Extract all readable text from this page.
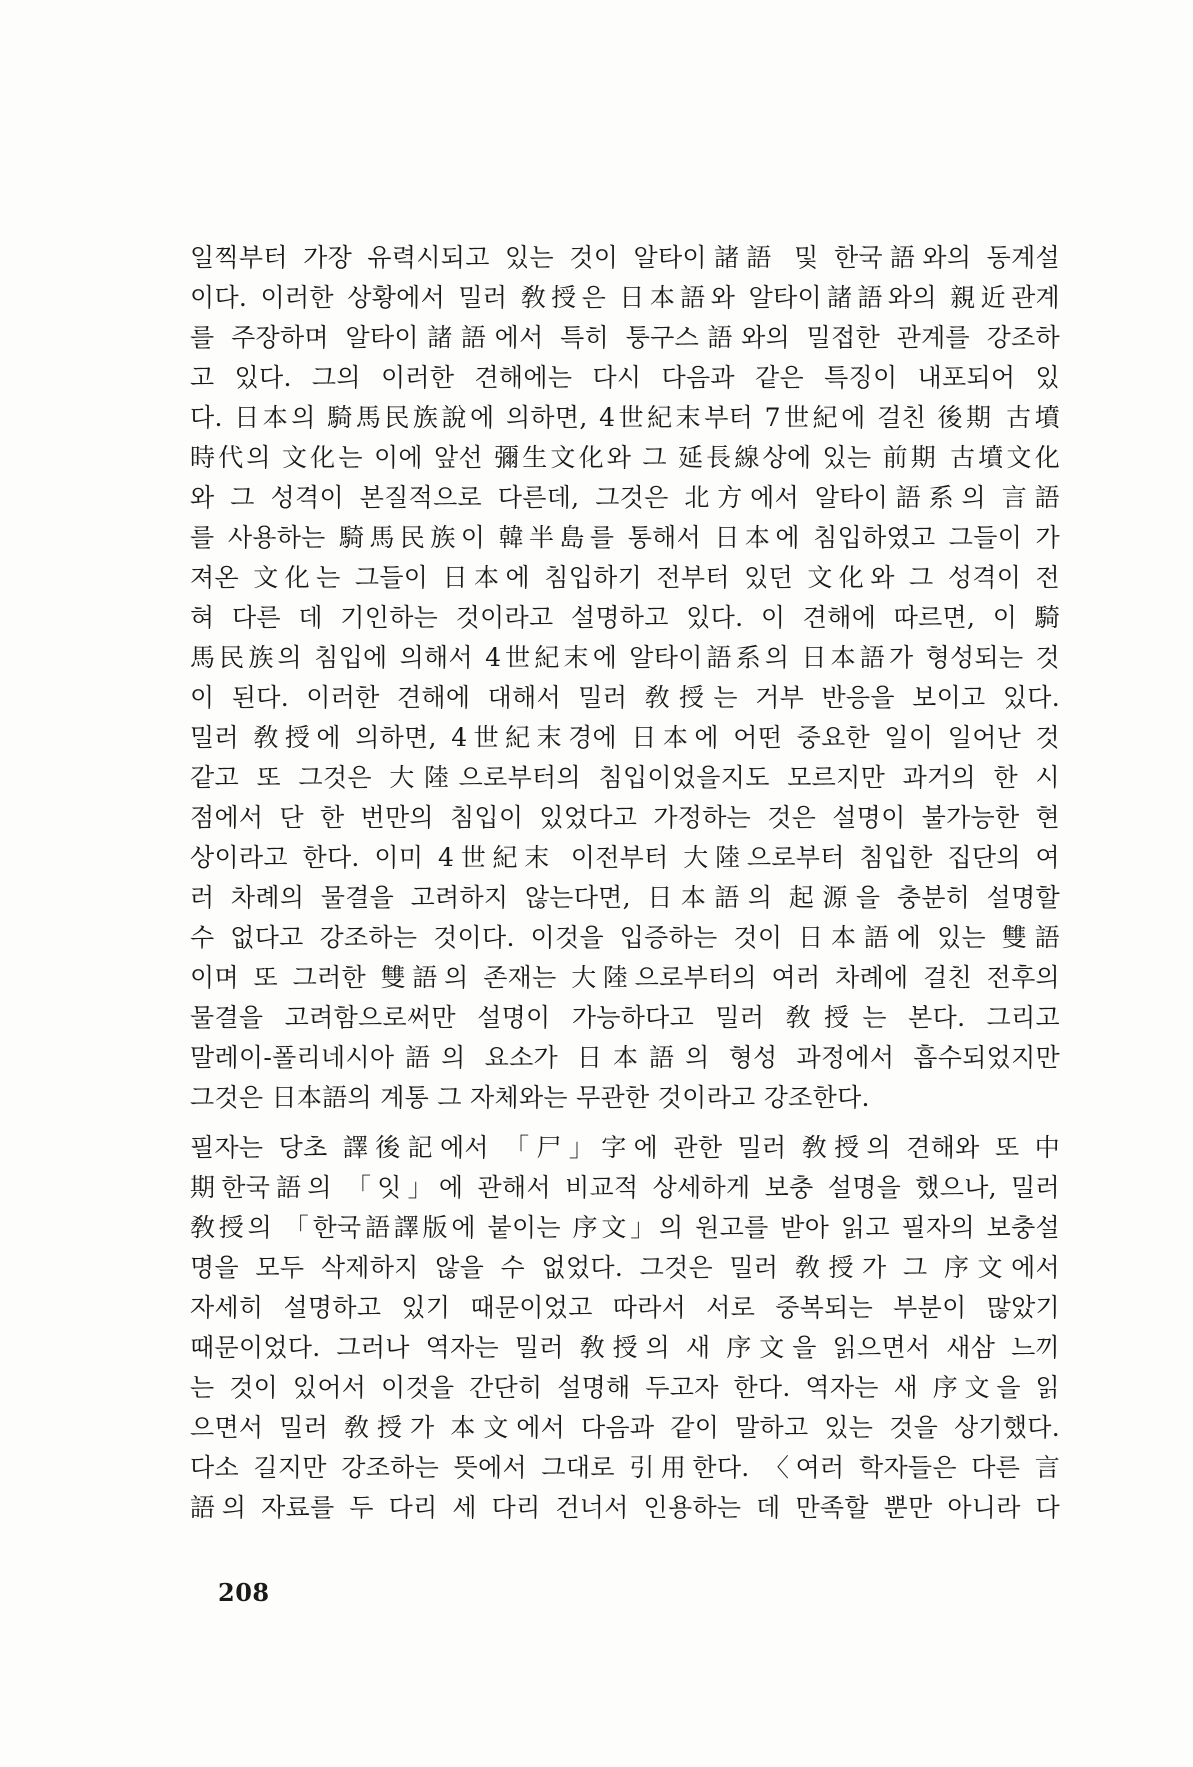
일찍부터 가장 유력시되고 있는 것이 알타이諸語 및 한국語와의 동계설
이다. 이러한 상황에서 밀러 敎授은 日本語와 알타이諸語와의 親近관계
를 주장하며 알타이諸語에서 특히 퉁구스語와의 밀접한 관계를 강조하
고 있다. 그의 이러한 견해에는 다시 다음과 같은 특징이 내포되어 있
다. 日本의 騎馬民族說에 의하면, 4世紀末부터 7世紀에 걸친 後期 古墳
時代의 文化는 이에 앞선 彌生文化와 그 延長線상에 있는 前期 古墳文化
와 그 성격이 본질적으로 다른데, 그것은 北方에서 알타이語系의 言語
를 사용하는 騎馬民族이 韓半島를 통해서 日本에 침입하였고 그들이 가
져온 文化는 그들이 日本에 침입하기 전부터 있던 文化와 그 성격이 전
혀 다른 데 기인하는 것이라고 설명하고 있다. 이 견해에 따르면, 이 騎
馬民族의 침입에 의해서 4世紀末에 알타이語系의 日本語가 형성되는 것
이 된다. 이러한 견해에 대해서 밀러 敎授는 거부 반응을 보이고 있다.
밀러 敎授에 의하면, 4世紀末경에 日本에 어떤 중요한 일이 일어난 것
같고 또 그것은 大陸으로부터의 침입이었을지도 모르지만 과거의 한 시
점에서 단 한 번만의 침입이 있었다고 가정하는 것은 설명이 불가능한 현
상이라고 한다. 이미 4世紀末 이전부터 大陸으로부터 침입한 집단의 여
러 차례의 물결을 고려하지 않는다면, 日本語의 起源을 충분히 설명할
수 없다고 강조하는 것이다. 이것을 입증하는 것이 日本語에 있는 雙語
이며 또 그러한 雙語의 존재는 大陸으로부터의 여러 차례에 걸친 전후의
물결을 고려함으로써만 설명이 가능하다고 밀러 敎授는 본다. 그리고
말레이-폴리네시아語의 요소가 日本語의 형성 과정에서 흡수되었지만
그것은 日本語의 계통 그 자체와는 무관한 것이라고 강조한다.
필자는 당초 譯後記에서 「尸」字에 관한 밀러 敎授의 견해와 또 中
期한국語의 「잇」에 관해서 비교적 상세하게 보충 설명을 했으나, 밀러
敎授의 「한국語譯版에 붙이는 序文」의 원고를 받아 읽고 필자의 보충설
명을 모두 삭제하지 않을 수 없었다. 그것은 밀러 敎授가 그 序文에서
자세히 설명하고 있기 때문이었고 따라서 서로 중복되는 부분이 많았기
때문이었다. 그러나 역자는 밀러 敎授의 새 序文을 읽으면서 새삼 느끼
는 것이 있어서 이것을 간단히 설명해 두고자 한다. 역자는 새 序文을 읽
으면서 밀러 敎授가 本文에서 다음과 같이 말하고 있는 것을 상기했다.
다소 길지만 강조하는 뜻에서 그대로 引用한다. 〈여러 학자들은 다른 言
語의 자료를 두 다리 세 다리 건너서 인용하는 데 만족할 뿐만 아니라 다
208
